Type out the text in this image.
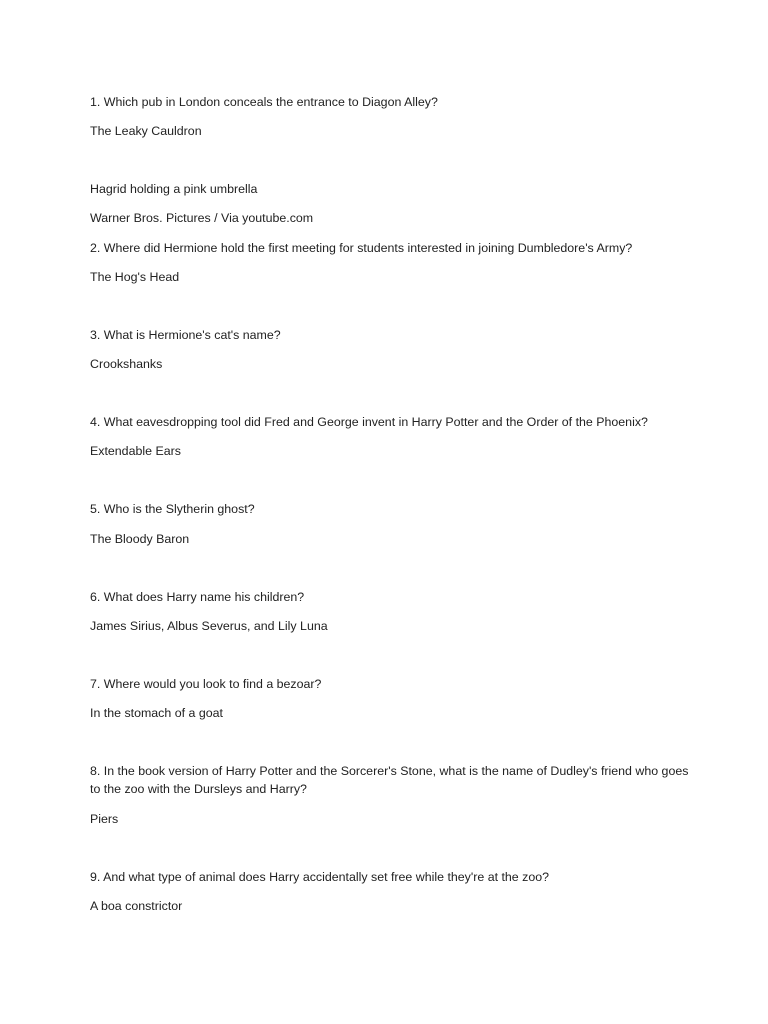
1. Which pub in London conceals the entrance to Diagon Alley?

The Leaky Cauldron

Hagrid holding a pink umbrella

Warner Bros. Pictures / Via youtube.com

2. Where did Hermione hold the first meeting for students interested in joining Dumbledore's Army?

The Hog's Head

3. What is Hermione's cat's name?

Crookshanks

4. What eavesdropping tool did Fred and George invent in Harry Potter and the Order of the Phoenix?

Extendable Ears

5. Who is the Slytherin ghost?

The Bloody Baron

6. What does Harry name his children?

James Sirius, Albus Severus, and Lily Luna

7. Where would you look to find a bezoar?

In the stomach of a goat

8. In the book version of Harry Potter and the Sorcerer's Stone, what is the name of Dudley's friend who goes to the zoo with the Dursleys and Harry?

Piers

9. And what type of animal does Harry accidentally set free while they're at the zoo?

A boa constrictor
